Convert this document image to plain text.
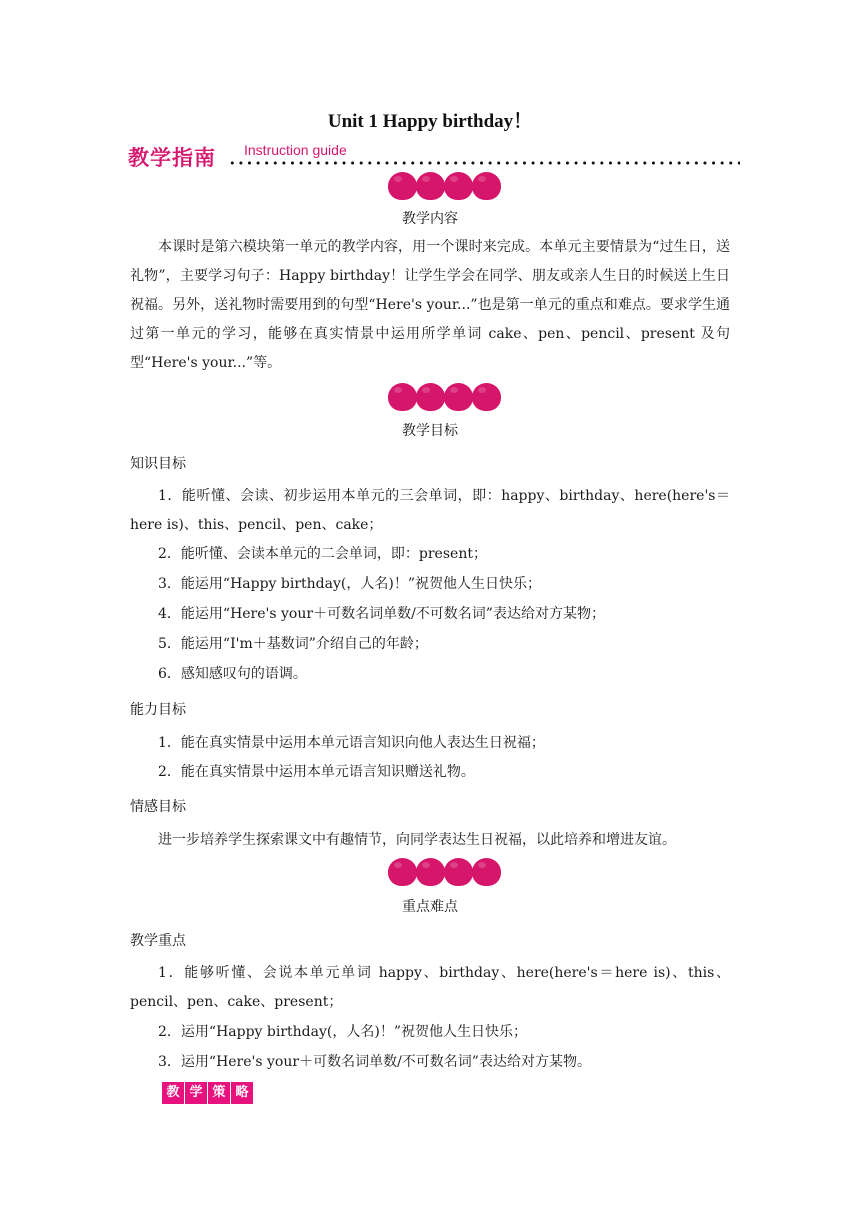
Unit 1 Happy birthday！
教学指南 Instruction guide
教学内容
本课时是第六模块第一单元的教学内容，用一个课时来完成。本单元主要情景为“过生日，送礼物”，主要学习句子：Happy birthday！让学生学会在同学、朋友或亲人生日的时候送上生日祝福。另外，送礼物时需要用到的句型“Here's your...”也是第一单元的重点和难点。要求学生通过第一单元的学习，能够在真实情景中运用所学单词 cake、pen、pencil、present 及句型“Here's your...”等。
教学目标
知识目标
1．能听懂、会读、初步运用本单元的三会单词，即：happy、birthday、here(here's＝here is)、this、pencil、pen、cake；
2．能听懂、会读本单元的二会单词，即：present；
3．能运用“Happy birthday(，人名)！”祝贺他人生日快乐；
4．能运用“Here's your＋可数名词单数/不可数名词”表达给对方某物；
5．能运用“I'm＋基数词”介绍自己的年龄；
6．感知感叹句的语调。
能力目标
1．能在真实情景中运用本单元语言知识向他人表达生日祝福；
2．能在真实情景中运用本单元语言知识赠送礼物。
情感目标
进一步培养学生探索课文中有趣情节，向同学表达生日祝福，以此培养和增进友谊。
重点难点
教学重点
1．能够听懂、会说本单元单词 happy、birthday、here(here's＝here is)、this、pencil、pen、cake、present；
2．运用“Happy birthday(，人名)！”祝贺他人生日快乐；
3．运用“Here's your＋可数名词单数/不可数名词”表达给对方某物。
教 学 策 略
